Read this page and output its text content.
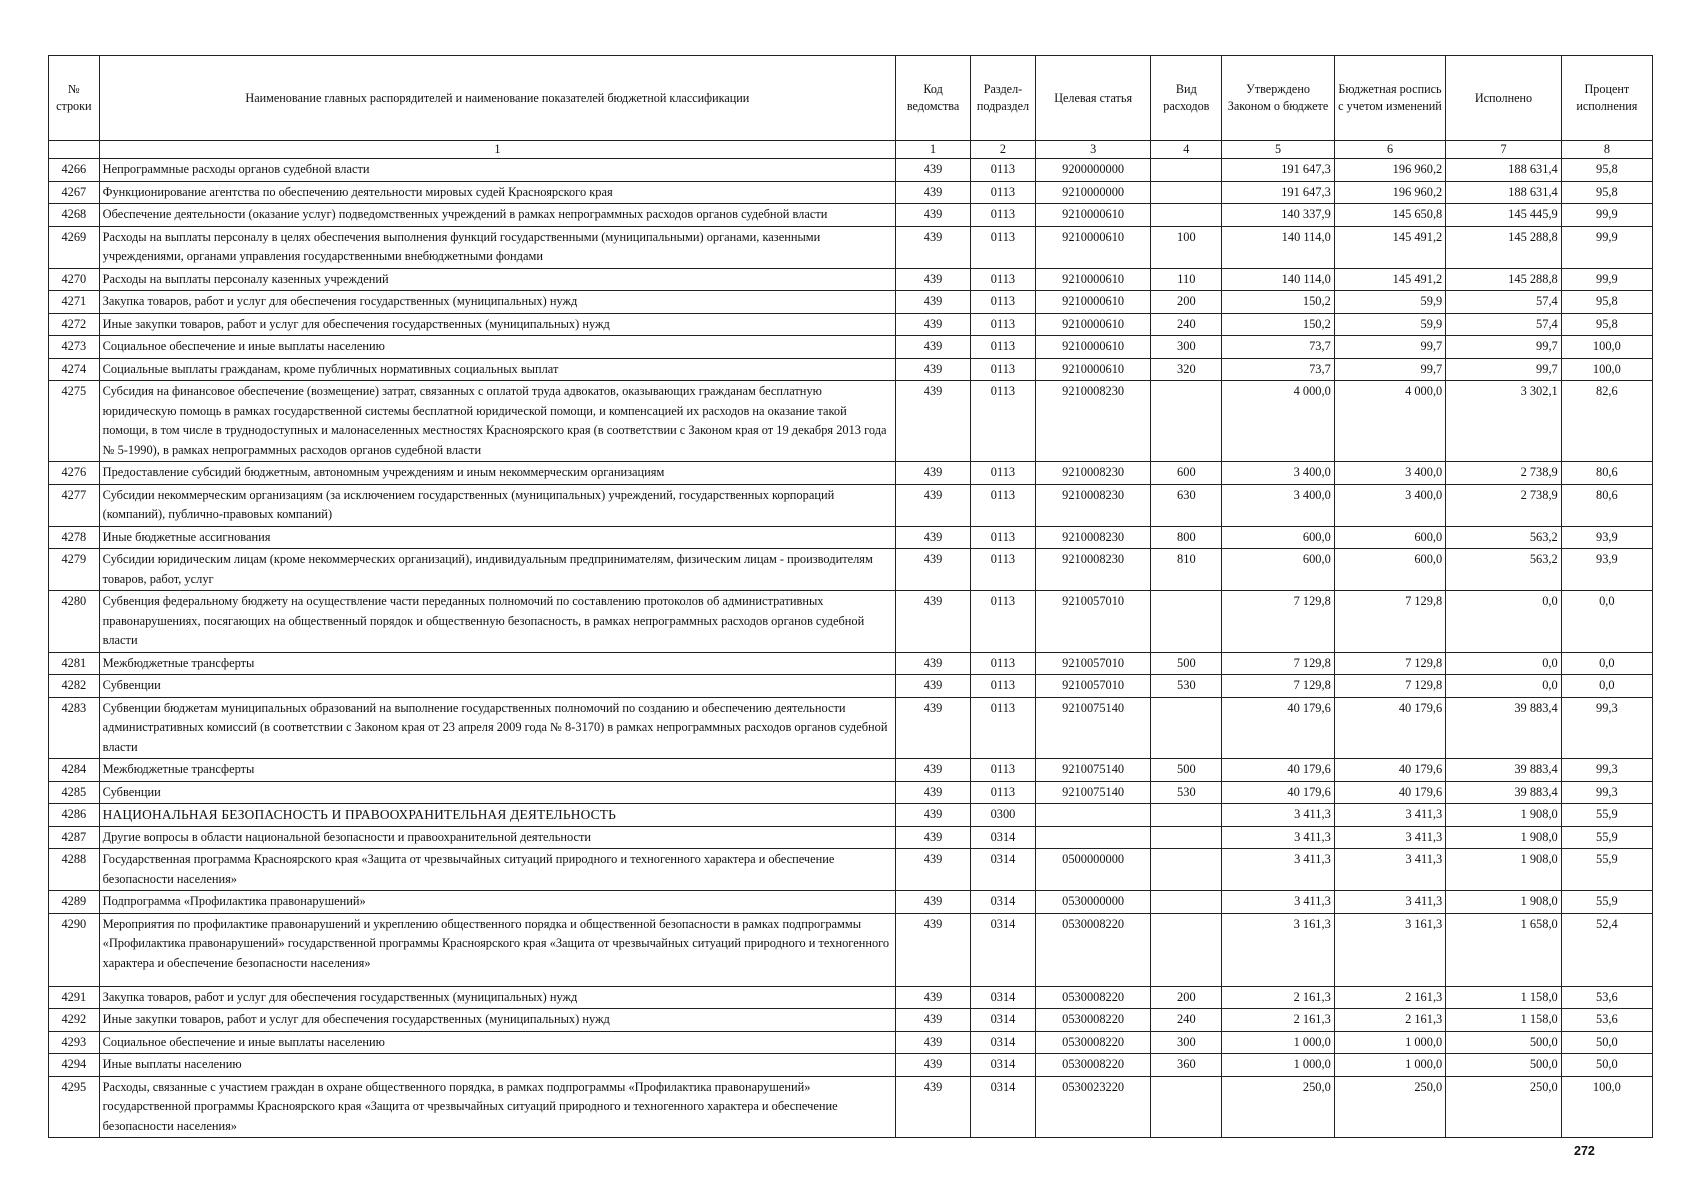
№ строки	Наименование главных распорядителей и наименование показателей бюджетной классификации	Код ведомства	Раздел-подраздел	Целевая статья	Вид расходов	Утверждено Законом о бюджете	Бюджетная роспись с учетом изменений	Исполнено	Процент исполнения
	1	1	2	3	4	5	6	7	8
4266	Непрограммные расходы органов судебной власти	439	0113	9200000000		191 647,3	196 960,2	188 631,4	95,8
4267	Функционирование агентства по обеспечению деятельности мировых судей Красноярского края	439	0113	9210000000		191 647,3	196 960,2	188 631,4	95,8
4268	Обеспечение деятельности (оказание услуг) подведомственных учреждений в рамках непрограммных расходов органов судебной власти	439	0113	9210000610		140 337,9	145 650,8	145 445,9	99,9
4269	Расходы на выплаты персоналу в целях обеспечения выполнения функций государственными (муниципальными) органами, казенными учреждениями, органами управления государственными внебюджетными фондами	439	0113	9210000610	100	140 114,0	145 491,2	145 288,8	99,9
4270	Расходы на выплаты персоналу казенных учреждений	439	0113	9210000610	110	140 114,0	145 491,2	145 288,8	99,9
4271	Закупка товаров, работ и услуг для обеспечения государственных (муниципальных) нужд	439	0113	9210000610	200	150,2	59,9	57,4	95,8
4272	Иные закупки товаров, работ и услуг для обеспечения государственных (муниципальных) нужд	439	0113	9210000610	240	150,2	59,9	57,4	95,8
4273	Социальное обеспечение и иные выплаты населению	439	0113	9210000610	300	73,7	99,7	99,7	100,0
4274	Социальные выплаты гражданам, кроме публичных нормативных социальных выплат	439	0113	9210000610	320	73,7	99,7	99,7	100,0
4275	Субсидия на финансовое обеспечение (возмещение) затрат, связанных с оплатой труда адвокатов, оказывающих гражданам бесплатную юридическую помощь в рамках государственной системы бесплатной юридической помощи, и компенсацией их расходов на оказание такой помощи, в том числе в труднодоступных и малонаселенных местностях Красноярского края (в соответствии с Законом края от 19 декабря 2013 года № 5-1990), в рамках непрограммных расходов органов судебной власти	439	0113	9210008230		4 000,0	4 000,0	3 302,1	82,6
4276	Предоставление субсидий бюджетным, автономным учреждениям и иным некоммерческим организациям	439	0113	9210008230	600	3 400,0	3 400,0	2 738,9	80,6
4277	Субсидии некоммерческим организациям (за исключением государственных (муниципальных) учреждений, государственных корпораций (компаний), публично-правовых компаний)	439	0113	9210008230	630	3 400,0	3 400,0	2 738,9	80,6
4278	Иные бюджетные ассигнования	439	0113	9210008230	800	600,0	600,0	563,2	93,9
4279	Субсидии юридическим лицам (кроме некоммерческих организаций), индивидуальным предпринимателям, физическим лицам - производителям товаров, работ, услуг	439	0113	9210008230	810	600,0	600,0	563,2	93,9
4280	Субвенция федеральному бюджету на осуществление части переданных полномочий по составлению протоколов об административных правонарушениях, посягающих на общественный порядок и общественную безопасность, в рамках непрограммных расходов органов судебной власти	439	0113	9210057010		7 129,8	7 129,8	0,0	0,0
4281	Межбюджетные трансферты	439	0113	9210057010	500	7 129,8	7 129,8	0,0	0,0
4282	Субвенции	439	0113	9210057010	530	7 129,8	7 129,8	0,0	0,0
4283	Субвенции бюджетам муниципальных образований на выполнение государственных полномочий по созданию и обеспечению деятельности административных комиссий (в соответствии с Законом края от 23 апреля 2009 года № 8-3170) в рамках непрограммных расходов органов судебной власти	439	0113	9210075140		40 179,6	40 179,6	39 883,4	99,3
4284	Межбюджетные трансферты	439	0113	9210075140	500	40 179,6	40 179,6	39 883,4	99,3
4285	Субвенции	439	0113	9210075140	530	40 179,6	40 179,6	39 883,4	99,3
4286	НАЦИОНАЛЬНАЯ БЕЗОПАСНОСТЬ И ПРАВООХРАНИТЕЛЬНАЯ ДЕЯТЕЛЬНОСТЬ	439	0300			3 411,3	3 411,3	1 908,0	55,9
4287	Другие вопросы в области национальной безопасности и правоохранительной деятельности	439	0314			3 411,3	3 411,3	1 908,0	55,9
4288	Государственная программа Красноярского края «Защита от чрезвычайных ситуаций природного и техногенного характера и обеспечение безопасности населения»	439	0314	0500000000		3 411,3	3 411,3	1 908,0	55,9
4289	Подпрограмма «Профилактика правонарушений»	439	0314	0530000000		3 411,3	3 411,3	1 908,0	55,9
4290	Мероприятия по профилактике правонарушений и укреплению общественного порядка и общественной безопасности в рамках подпрограммы «Профилактика правонарушений» государственной программы Красноярского края «Защита от чрезвычайных ситуаций природного и техногенного характера и обеспечение безопасности населения»	439	0314	0530008220		3 161,3	3 161,3	1 658,0	52,4
4291	Закупка товаров, работ и услуг для обеспечения государственных (муниципальных) нужд	439	0314	0530008220	200	2 161,3	2 161,3	1 158,0	53,6
4292	Иные закупки товаров, работ и услуг для обеспечения государственных (муниципальных) нужд	439	0314	0530008220	240	2 161,3	2 161,3	1 158,0	53,6
4293	Социальное обеспечение и иные выплаты населению	439	0314	0530008220	300	1 000,0	1 000,0	500,0	50,0
4294	Иные выплаты населению	439	0314	0530008220	360	1 000,0	1 000,0	500,0	50,0
4295	Расходы, связанные с участием граждан в охране общественного порядка, в рамках подпрограммы «Профилактика правонарушений» государственной программы Красноярского края «Защита от чрезвычайных ситуаций природного и техногенного характера и обеспечение безопасности населения»	439	0314	0530023220		250,0	250,0	250,0	100,0
272
